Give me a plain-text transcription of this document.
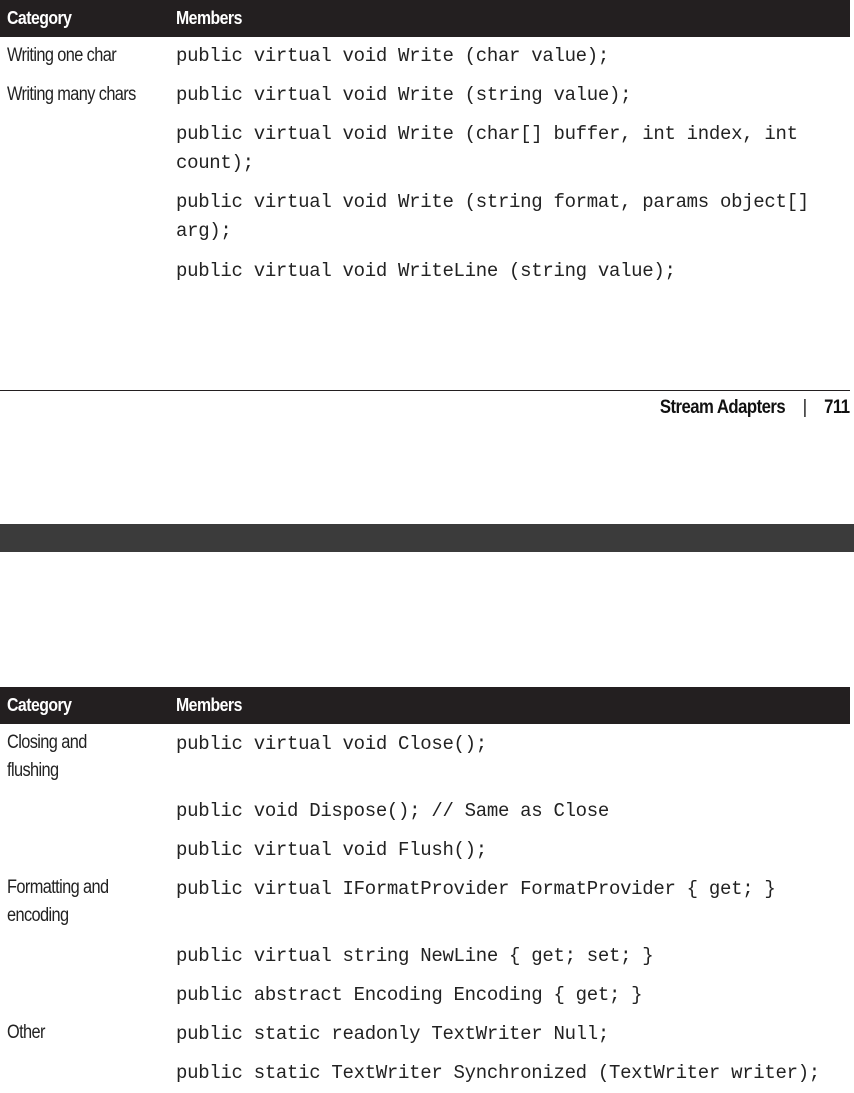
Category	Members
Writing one char
Writing many chars
public virtual void Write (char value);
public virtual void Write (string value);
public virtual void Write (char[] buffer, int index, int
count);
public virtual void Write (string format, params object[]
arg);
public virtual void WriteLine (string value);
Stream Adapters | 711
Category	Members
Closing and
flushing
Formatting and
encoding
Other
public virtual void Close();
public void Dispose(); // Same as Close
public virtual void Flush();
public virtual IFormatProvider FormatProvider { get; }
public virtual string NewLine { get; set; }
public abstract Encoding Encoding { get; }
public static readonly TextWriter Null;
public static TextWriter Synchronized (TextWriter writer);
